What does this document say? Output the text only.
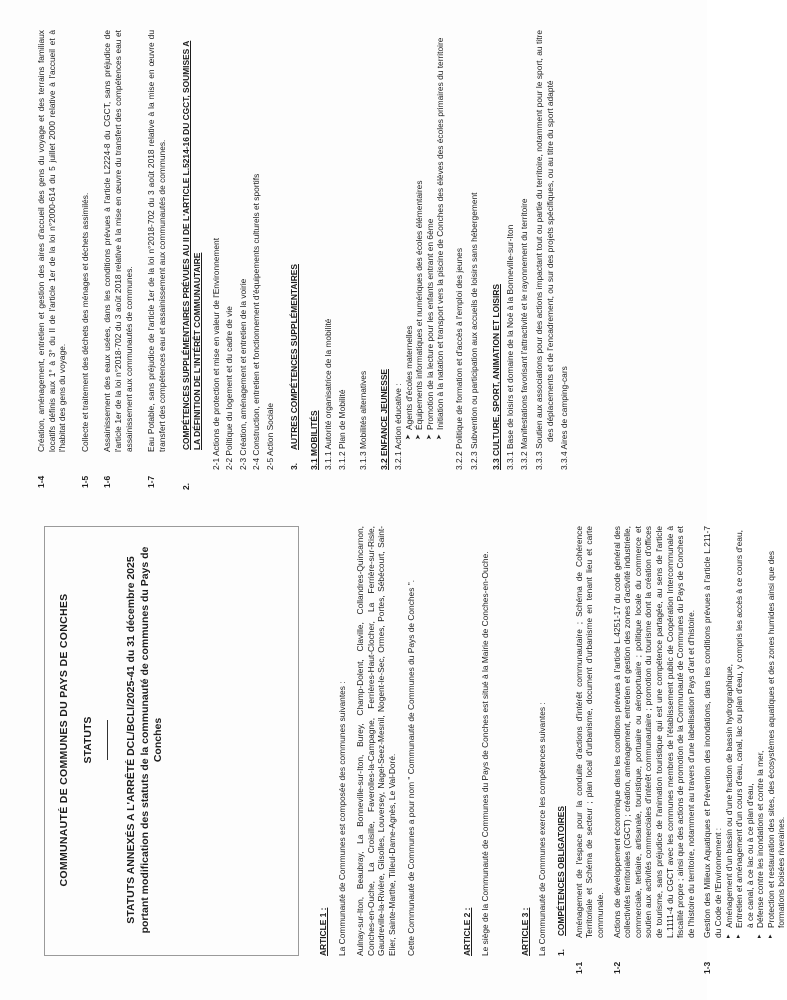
COMMUNAUTÉ DE COMMUNES DU PAYS DE CONCHES STATUTS	STATUTS ANNEXÉS A L'ARRÊTÉ DCL/BCLI/2025-41 du 31 décembre 2025 portant modification des statuts de la communauté de communes du Pays de Conches
ARTICLE 1 : La Communauté de Communes est composée des communes suivantes : Aulnay-sur-Iton, Beaubray, La Bonneville-sur-Iton, Burey, Champ-Dolent, Claville, Collandres-Quincarnon, Conches-en-Ouche, La Croisille, Faverolles-la-Campagne, Ferrières-Haut-Clocher, La Ferrière-sur-Risle, Gaudreville-la-Rivière, Glisolles, Louversey, Nagel-Seez-Mesnil, Nogent-le-Sec, Ormes, Portes, Sébécourt, Saint-Elier, Sainte-Marthe, Tilleul-Dame-Agnès, Le Val-Doré. Cette Communauté de Communes a pour nom " Communauté de Communes du Pays de Conches ".	ARTICLE 2 : Le siège de la Communauté de Communes du Pays de Conches est situé à la Mairie de Conches-en-Ouche.	ARTICLE 3 : La Communauté de Communes exerce les compétences suivantes : 1.COMPÉTENCES OBLIGATOIRES
1-1Aménagement de l'espace pour la conduite d'actions d'intérêt communautaire ; Schéma de Cohérence Territoriale et Schéma de secteur ; plan local d'urbanisme, document d'urbanisme en tenant lieu et carte communale.
1-2Actions de développement économique dans les conditions prévues à l'article L.4251-17 du code général des collectivités territoriales (CGCT) ; création, aménagement, entretien et gestion des zones d'activité industrielle, commerciale, tertiaire, artisanale, touristique, portuaire ou aéroportuaire ; politique locale du commerce et soutien aux activités commerciales d'intérêt communautaire ; promotion du tourisme dont la création d'offices de tourisme, sans préjudice de l'animation touristique qui est une compétence partagée, au sens de l'article L.1111-4 du CGCT avec les communes membres de l'établissement public de Coopération Intercommunale à fiscalité propre ; ainsi que des actions de promotion de la Communauté de Communes du Pays de Conches et de l'histoire du territoire, notamment au travers d'une labellisation Pays d'art et d'histoire.
1-3Gestion des Milieux Aquatiques et Prévention des inondations, dans les conditions prévues à l'article L.211-7 du Code de l'Environnement : ▸ Aménagement d'un bassin ou d'une fraction de bassin hydrographique, ▸ Entretien et aménagement d'un cours d'eau, canal, lac ou plan d'eau, y compris les accès à ce cours d'eau, à ce canal, à ce lac ou à ce plan d'eau, ▸ Défense contre les inondations et contre la mer, ▸ Protection et restauration des sites, des écosystèmes aquatiques et des zones humides ainsi que des formations boisées riveraines.
1-4Création, aménagement, entretien et gestion des aires d'accueil des gens du voyage et des terrains familiaux locatifs définis aux 1° à 3° du II de l'article 1er de la loi n°2000-614 du 5 juillet 2000 relative à l'accueil et à l'habitat des gens du voyage.
1-5Collecte et traitement des déchets des ménages et déchets assimilés.
1-6Assainissement des eaux usées, dans les conditions prévues à l'article L2224-8 du CGCT, sans préjudice de l'article 1er de la loi n°2018-702 du 3 août 2018 relative à la mise en œuvre du transfert des compétences eau et assainissement aux communautés de communes.
1-7Eau Potable, sans préjudice de l'article 1er de la loi n°2018-702 du 3 août 2018 relative à la mise en œuvre du transfert des compétences eau et assainissement aux communautés de communes.
2.COMPÉTENCES SUPPLÉMENTAIRES PRÉVUES AU II DE L'ARTICLE L.5214-16 DU CGCT, SOUMISES A LA DÉFINITION DE L'INTÉRÊT COMMUNAUTAIRE 2-1 Actions de protection et mise en valeur de l'Environnement 2-2 Politique du logement et du cadre de vie 2-3 Création, aménagement et entretien de la voirie 2-4 Construction, entretien et fonctionnement d'équipements culturels et sportifs 2-5 Action Sociale 3.AUTRES COMPÉTENCES SUPPLÉMENTAIRES 3.1 MOBILITÉS 3.1.1 Autorité organisatrice de la mobilité 3.1.2 Plan de Mobilité 3.1.3 Mobilités alternatives 3.2 ENFANCE JEUNESSE 3.2.1 Action éducative : ➤ Agents d'écoles maternelles ➤ Équipements informatiques et numériques des écoles élémentaires ➤ Promotion de la lecture pour les enfants entrant en 6ème ➤ Initiation à la natation et transport vers la piscine de Conches des élèves des écoles primaires du territoire 3.2.2 Politique de formation et d'accès à l'emploi des jeunes 3.2.3 Subvention ou participation aux accueils de loisirs sans hébergement 3.3 CULTURE, SPORT, ANIMATION ET LOISIRS 3.3.1 Base de loisirs et domaine de la Noë à la Bonneville-sur-Iton 3.3.2 Manifestations favorisant l'attractivité et le rayonnement du territoire 3.3.3 Soutien aux associations pour des actions impactant tout ou partie du territoire, notamment pour le sport, au titre des déplacements et de l'encadrement, ou sur des projets spécifiques, ou au titre du sport adapté 3.3.4 Aires de camping-cars
